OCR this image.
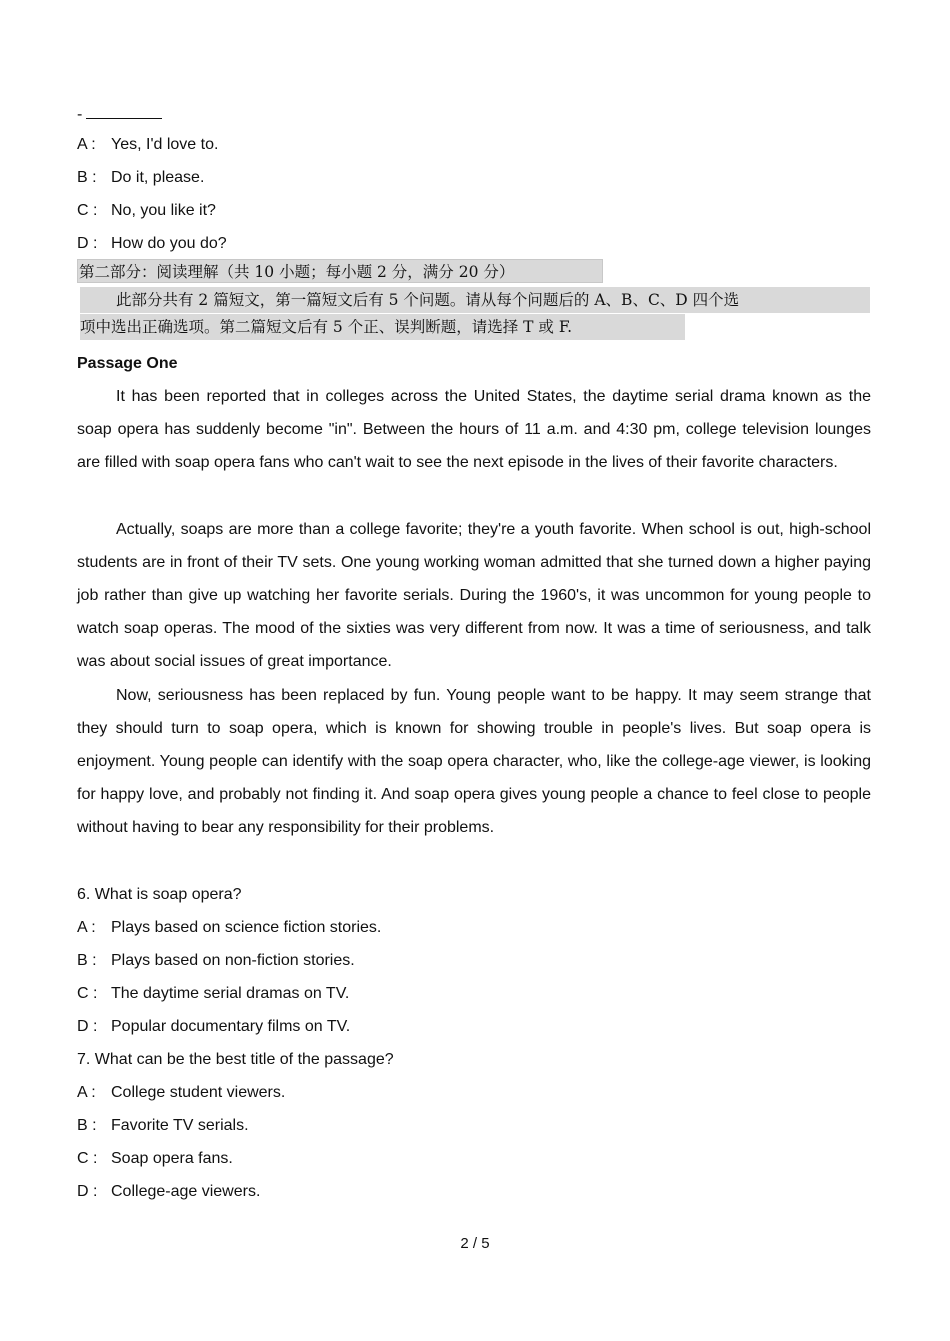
-
A : Yes, I'd love to.
B : Do it, please.
C : No, you like it?
D : How do you do?
第二部分：阅读理解（共 10 小题；每小题 2 分，满分 20 分）
此部分共有 2 篇短文，第一篇短文后有 5 个问题。请从每个问题后的 A、B、C、D 四个选
项中选出正确选项。第二篇短文后有 5 个正、误判断题，请选择 T 或 F.
Passage One
It has been reported that in colleges across the United States, the daytime serial drama known as the soap opera has suddenly become "in". Between the hours of 11 a.m. and 4:30 pm, college television lounges are filled with soap opera fans who can't wait to see the next episode in the lives of their favorite characters.
Actually, soaps are more than a college favorite; they're a youth favorite. When school is out, high-school students are in front of their TV sets. One young working woman admitted that she turned down a higher paying job rather than give up watching her favorite serials. During the 1960's, it was uncommon for young people to watch soap operas. The mood of the sixties was very different from now. It was a time of seriousness, and talk was about social issues of great importance.
Now, seriousness has been replaced by fun. Young people want to be happy. It may seem strange that they should turn to soap opera, which is known for showing trouble in people's lives. But soap opera is enjoyment. Young people can identify with the soap opera character, who, like the college-age viewer, is looking for happy love, and probably not finding it. And soap opera gives young people a chance to feel close to people without having to bear any responsibility for their problems.
6. What is soap opera?
A : Plays based on science fiction stories.
B : Plays based on non-fiction stories.
C : The daytime serial dramas on TV.
D : Popular documentary films on TV.
7. What can be the best title of the passage?
A : College student viewers.
B : Favorite TV serials.
C : Soap opera fans.
D : College-age viewers.
2 / 5
